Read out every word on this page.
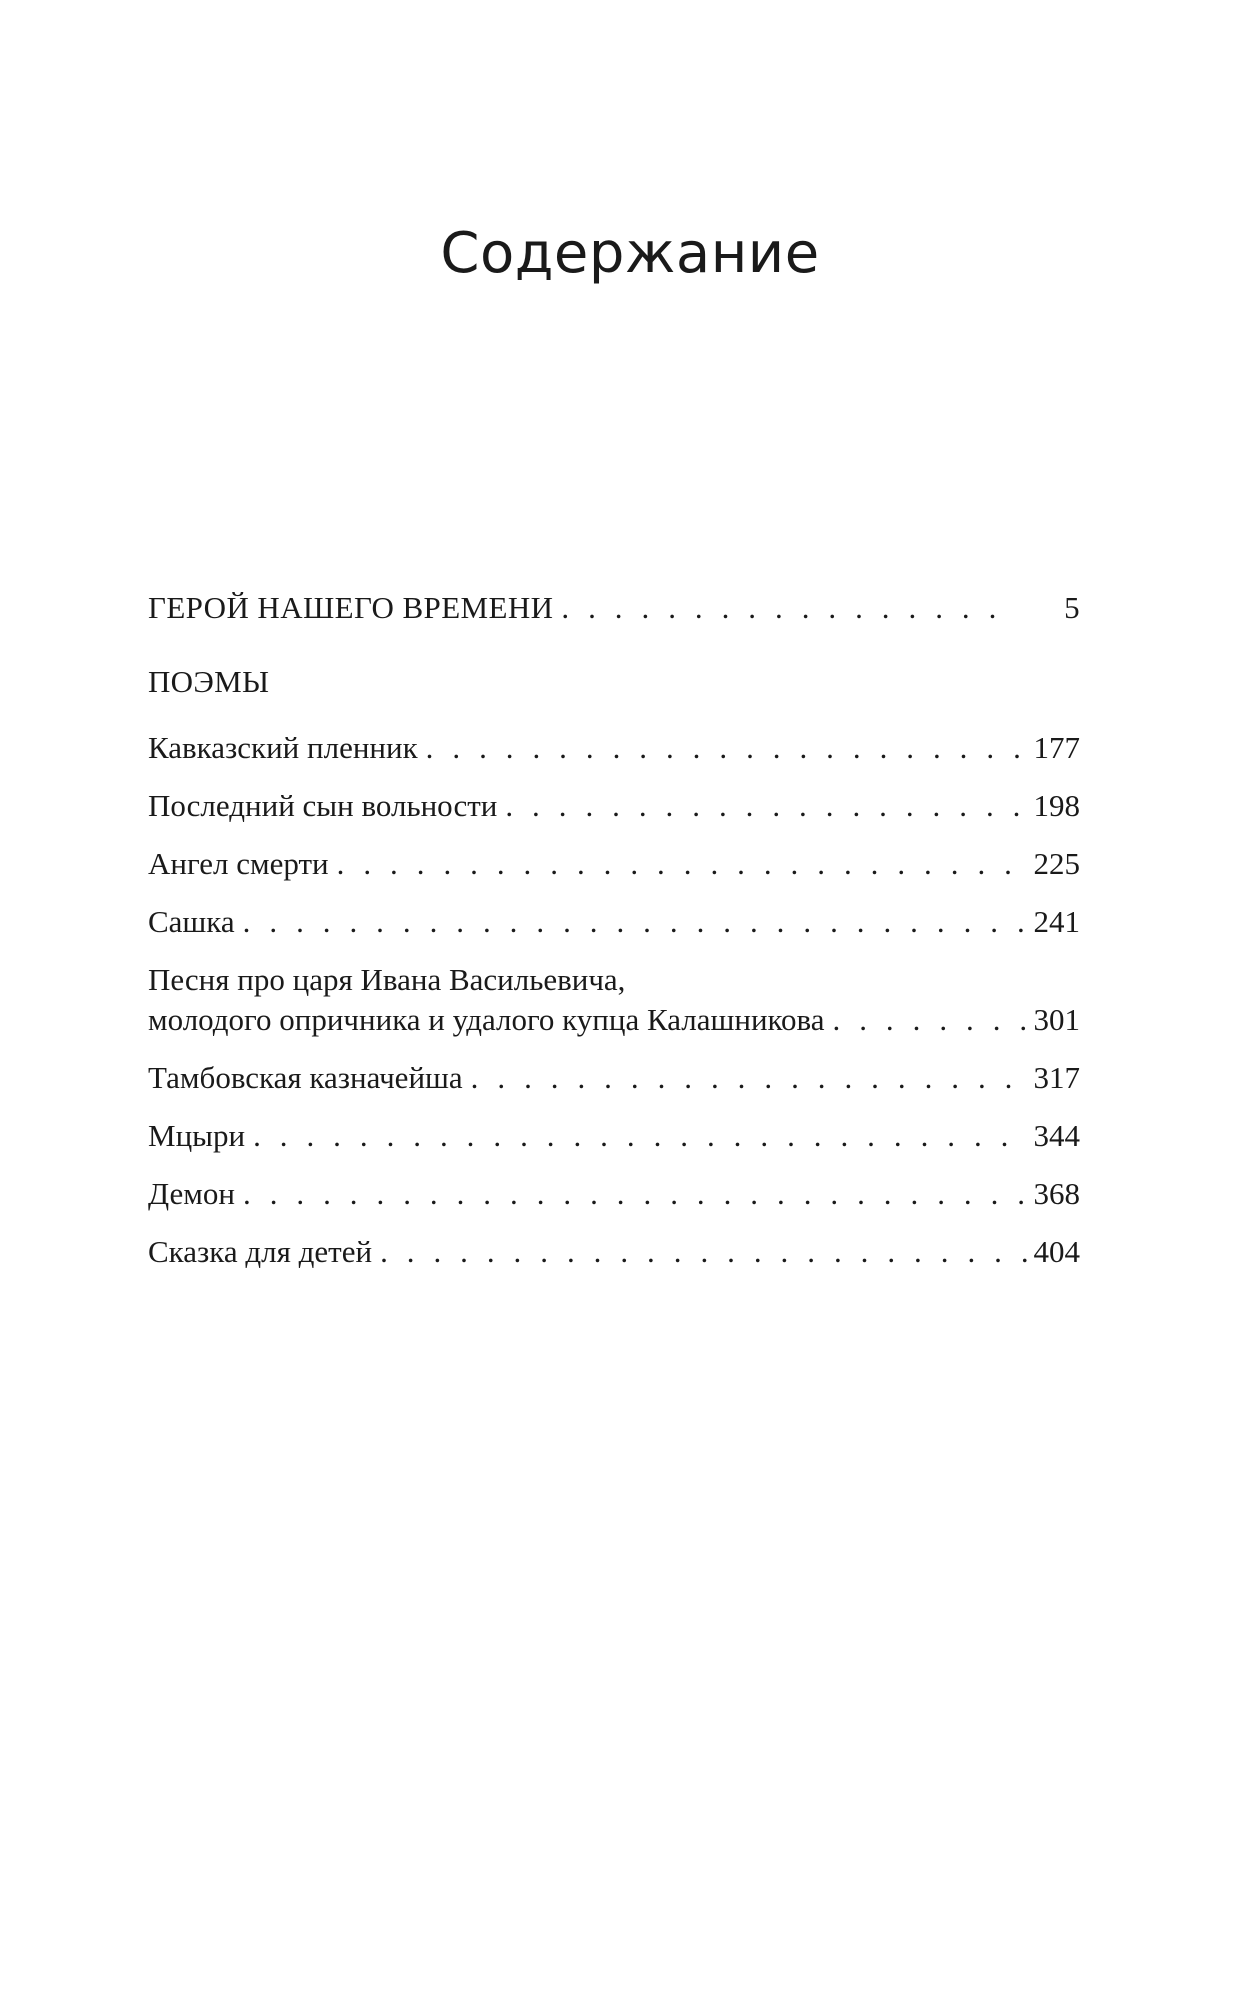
Содержание
ГЕРОЙ НАШЕГО ВРЕМЕНИ . . .	5
ПОЭМЫ
Кавказский пленник . . .	177
Последний сын вольности . . .	198
Ангел смерти . . .	225
Сашка . . .	241
Песня про царя Ивана Васильевича,
молодого опричника и удалого купца Калашникова . . .	301
Тамбовская казначейша . . .	317
Мцыри . . .	344
Демон . . .	368
Сказка для детей . . .	404
